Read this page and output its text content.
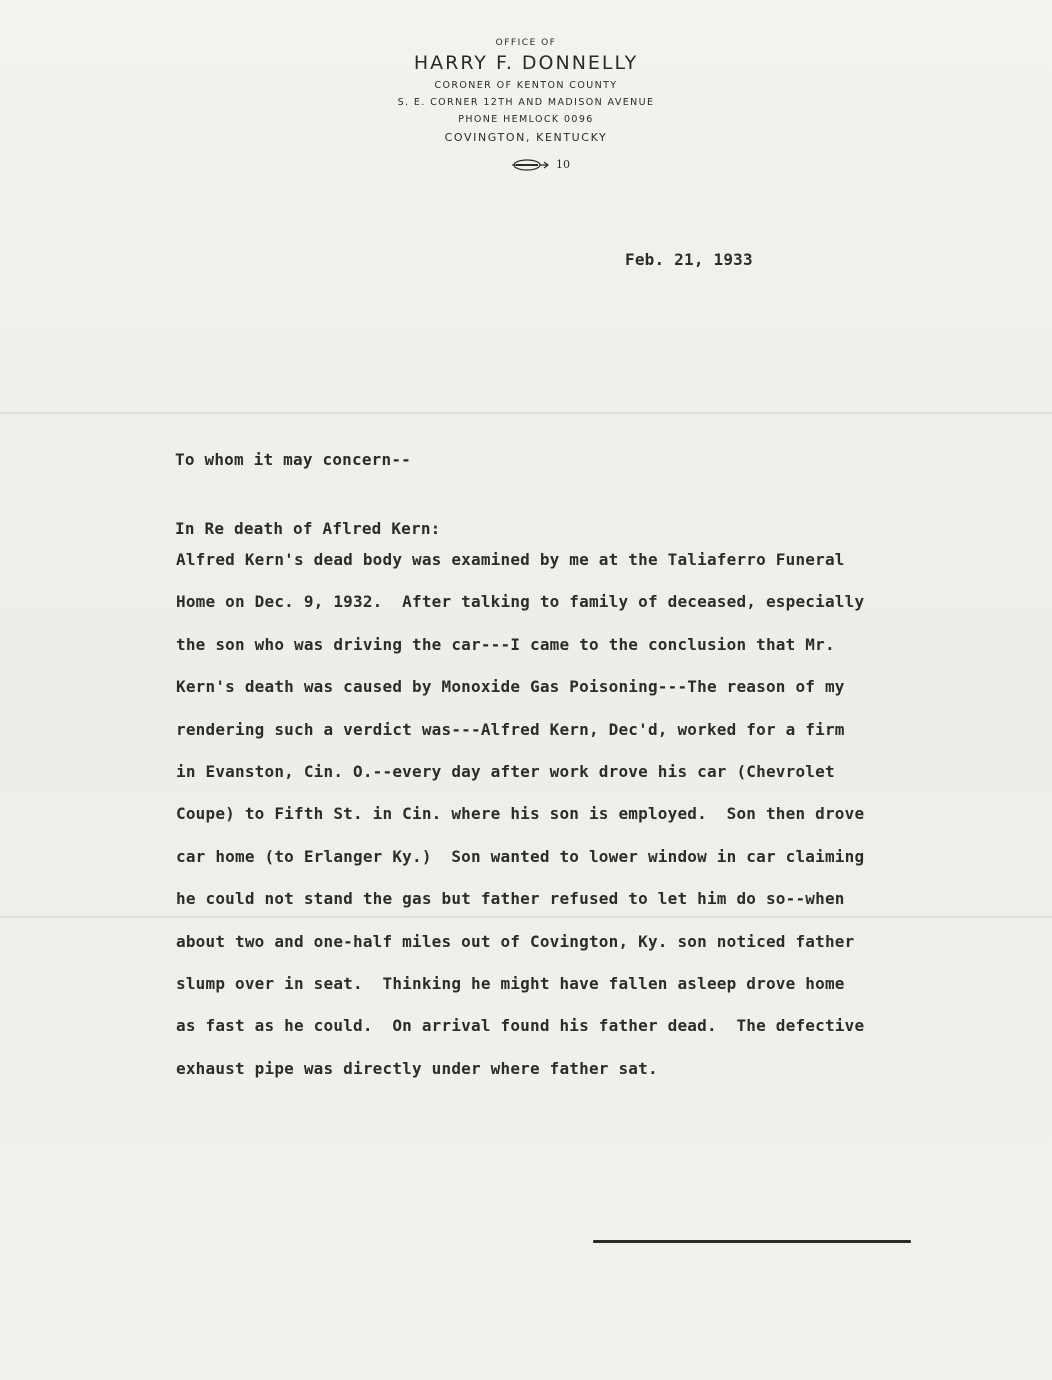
OFFICE OF
HARRY F. DONNELLY
CORONER OF KENTON COUNTY
S. E. CORNER 12TH AND MADISON AVENUE
PHONE HEMLOCK 0096
COVINGTON, KENTUCKY
10
Feb. 21, 1933

To whom it may concern--

In Re death of Aflred Kern:

Alfred Kern's dead body was examined by me at the Taliaferro Funeral
Home on Dec. 9, 1932.  After talking to family of deceased, especially
the son who was driving the car---I came to the conclusion that Mr.
Kern's death was caused by Monoxide Gas Poisoning---The reason of my
rendering such a verdict was---Alfred Kern, Dec'd, worked for a firm
in Evanston, Cin. O.--every day after work drove his car (Chevrolet
Coupe) to Fifth St. in Cin. where his son is employed.  Son then drove
car home (to Erlanger Ky.)  Son wanted to lower window in car claiming
he could not stand the gas but father refused to let him do so--when
about two and one-half miles out of Covington, Ky. son noticed father
slump over in seat.  Thinking he might have fallen asleep drove home
as fast as he could.  On arrival found his father dead.  The defective
exhaust pipe was directly under where father sat.
